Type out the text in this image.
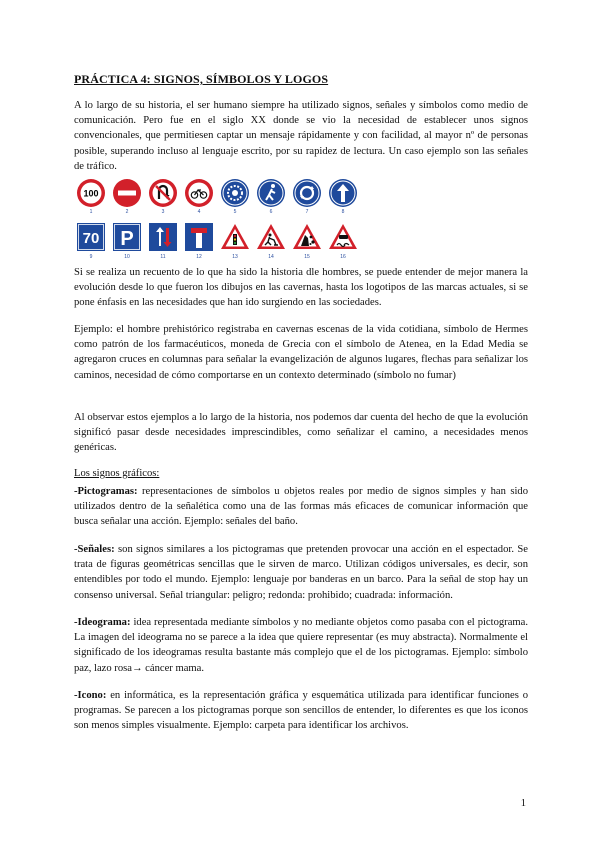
PRÁCTICA 4: SIGNOS, SÍMBOLOS Y LOGOS

A lo largo de su historia, el ser humano siempre ha utilizado signos, señales y símbolos como medio de comunicación. Pero fue en el siglo XX donde se vio la necesidad de establecer unos signos convencionales, que permitiesen captar un mensaje rápidamente y con facilidad, al mayor nº de personas posible, superando incluso al lenguaje escrito, por su rapidez de lectura. Un caso ejemplo son las señales de tráfico.

100
1	2	3	4	5	6	7	8
70 P
9	10	11	12	13	14	15	16

Si se realiza un recuento de lo que ha sido la historia dle hombres, se puede entender de mejor manera la evolución desde lo que fueron los dibujos en las cavernas, hasta los logotipos de las marcas actuales, si se pone énfasis en las necesidades que han ido surgiendo en las sociedades.

Ejemplo: el hombre prehistórico registraba en cavernas escenas de la vida cotidiana, símbolo de Hermes como patrón de los farmacéuticos, moneda de Grecia con el símbolo de Atenea, en la Edad Media se agregaron cruces en columnas para señalar la evangelización de algunos lugares, flechas para señalizar los caminos, necesidad de cómo comportarse en un contexto determinado (símbolo no fumar)

Al observar estos ejemplos a lo largo de la historia, nos podemos dar cuenta del hecho de que la evolución significó pasar desde necesidades imprescindibles, como señalizar el camino, a necesidades menos genéricas.

Los signos gráficos:

-Pictogramas: representaciones de símbolos u objetos reales por medio de signos simples y han sido utilizados dentro de la señalética como una de las formas más eficaces de comunicar información que busca señalar una acción. Ejemplo: señales del baño.

-Señales: son signos similares a los pictogramas que pretenden provocar una acción en el espectador. Se trata de figuras geométricas sencillas que le sirven de marco. Utilizan códigos universales, es decir, son entendibles por todo el mundo. Ejemplo: lenguaje por banderas en un barco. Para la señal de stop hay un consenso universal. Señal triangular: peligro; redonda: prohibido; cuadrada: información.

-Ideograma: idea representada mediante símbolos y no mediante objetos como pasaba con el pictograma. La imagen del ideograma no se parece a la idea que quiere representar (es muy abstracta). Normalmente el significado de los ideogramas resulta bastante más complejo que el de los pictogramas. Ejemplo: símbolo paz, lazo rosa→ cáncer mama.

-Icono: en informática, es la representación gráfica y esquemática utilizada para identificar funciones o programas. Se parecen a los pictogramas porque son sencillos de entender, lo diferentes es que los iconos son menos simples visualmente. Ejemplo: carpeta para identificar los archivos.

1
